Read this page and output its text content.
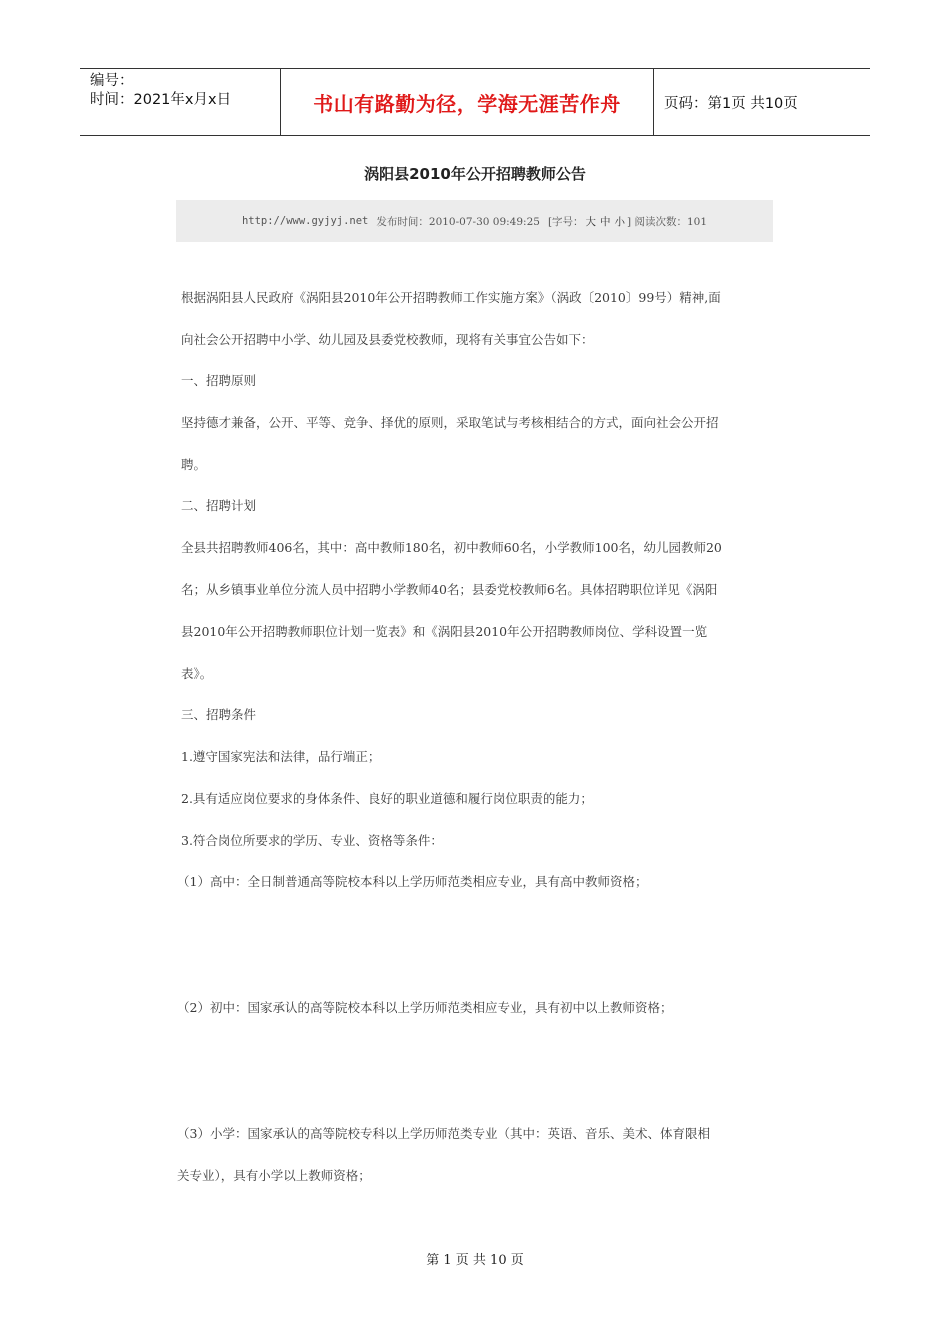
编号：
时间：2021年x月x日	书山有路勤为径，学海无涯苦作舟	页码：第1页 共10页
涡阳县2010年公开招聘教师公告
http://www.gyjyj.net 发布时间：2010-07-30 09:49:25 [字号： 大 中 小 ] 阅读次数：101
根据涡阳县人民政府《涡阳县2010年公开招聘教师工作实施方案》（涡政〔2010〕99号）精神,面
向社会公开招聘中小学、幼儿园及县委党校教师，现将有关事宜公告如下：
一、招聘原则
坚持德才兼备，公开、平等、竞争、择优的原则，采取笔试与考核相结合的方式，面向社会公开招
聘。
二、招聘计划
全县共招聘教师406名，其中：高中教师180名，初中教师60名，小学教师100名，幼儿园教师20
名；从乡镇事业单位分流人员中招聘小学教师40名；县委党校教师6名。具体招聘职位详见《涡阳
县2010年公开招聘教师职位计划一览表》和《涡阳县2010年公开招聘教师岗位、学科设置一览
表》。
三、招聘条件
1.遵守国家宪法和法律，品行端正；
2.具有适应岗位要求的身体条件、良好的职业道德和履行岗位职责的能力；
3.符合岗位所要求的学历、专业、资格等条件：
（1）高中：全日制普通高等院校本科以上学历师范类相应专业，具有高中教师资格；
（2）初中：国家承认的高等院校本科以上学历师范类相应专业，具有初中以上教师资格；
（3）小学：国家承认的高等院校专科以上学历师范类专业（其中：英语、音乐、美术、体育限相
关专业），具有小学以上教师资格；
第 1 页 共 10 页
